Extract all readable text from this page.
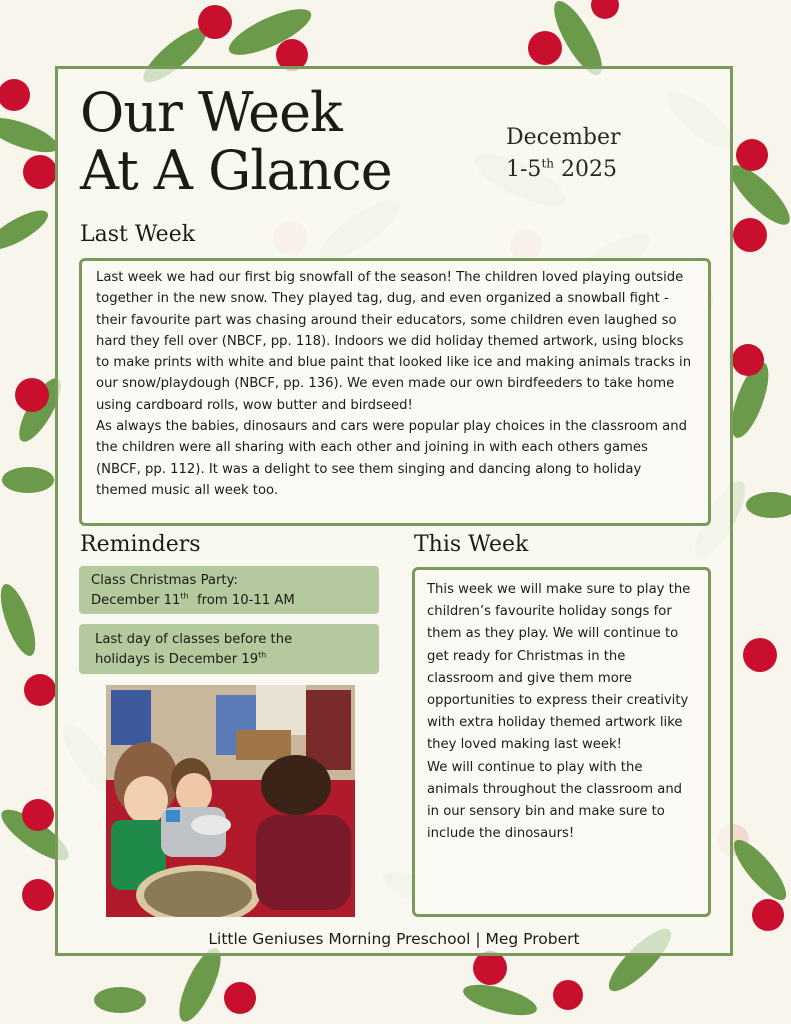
Our Week
At A Glance
December
1-5th 2025
Last Week
Last week we had our first big snowfall of the season! The children loved playing outside together in the new snow. They played tag, dug, and even organized a snowball fight - their favourite part was chasing around their educators, some children even laughed so hard they fell over (NBCF, pp. 118). Indoors we did holiday themed artwork, using blocks to make prints with white and blue paint that looked like ice and making animals tracks in our snow/playdough (NBCF, pp. 136). We even made our own birdfeeders to take home using cardboard rolls, wow butter and birdseed!
As always the babies, dinosaurs and cars were popular play choices in the classroom and the children were all sharing with each other and joining in with each others games (NBCF, pp. 112). It was a delight to see them singing and dancing along to holiday themed music all week too.
Reminders
Class Christmas Party:
December 11th  from 10-11 AM
Last day of classes before the
holidays is December 19th
This Week
This week we will make sure to play the children’s favourite holiday songs for them as they play. We will continue to get ready for Christmas in the classroom and give them more opportunities to express their creativity with extra holiday themed artwork like they loved making last week!
We will continue to play with the animals throughout the classroom and in our sensory bin and make sure to include the dinosaurs!
Little Geniuses Morning Preschool | Meg Probert
